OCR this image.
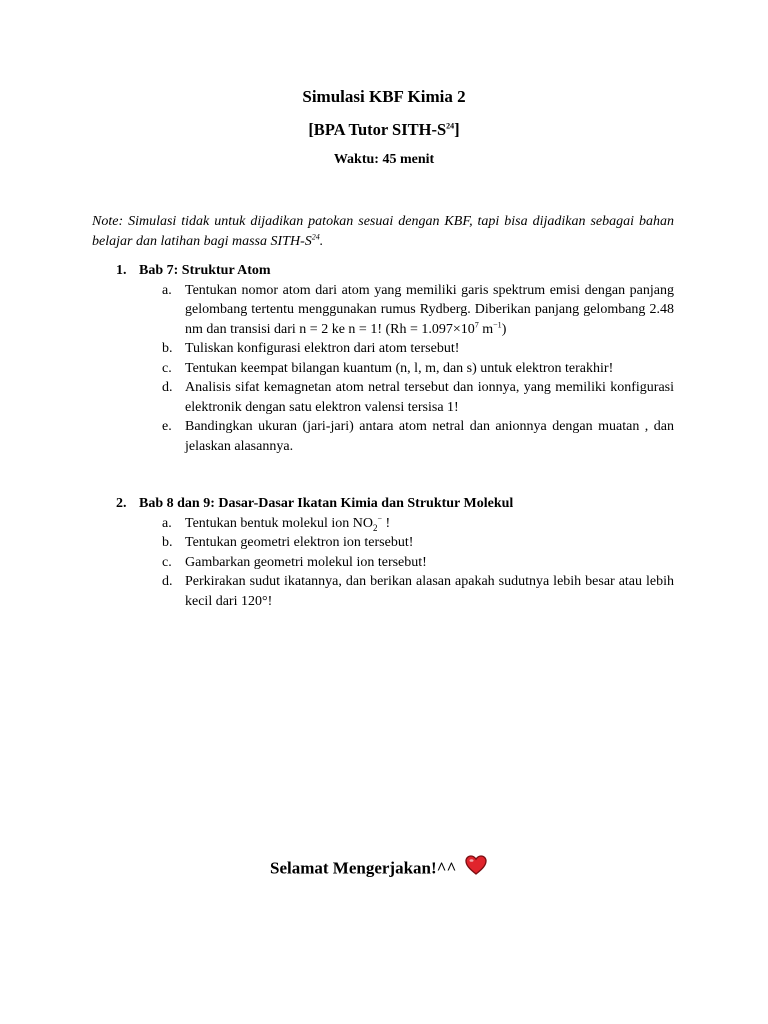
Simulasi KBF Kimia 2
[BPA Tutor SITH-$S^{24}$]
Waktu: 45 menit
Note: Simulasi tidak untuk dijadikan patokan sesuai dengan KBF, tapi bisa dijadikan sebagai bahan belajar dan latihan bagi massa SITH-$S^{24}$.
1. Bab 7: Struktur Atom
a. Tentukan nomor atom dari atom yang memiliki garis spektrum emisi dengan panjang gelombang tertentu menggunakan rumus Rydberg. Diberikan panjang gelombang 2.48 nm dan transisi dari n = 2 ke n = 1! ($Rh = 1.097\times 10^7$ $m^{-1}$)
b. Tuliskan konfigurasi elektron dari atom tersebut!
c. Tentukan keempat bilangan kuantum (n, l, m, dan s) untuk elektron terakhir!
d. Analisis sifat kemagnetan atom netral tersebut dan ionnya, yang memiliki konfigurasi elektronik dengan satu elektron valensi tersisa 1!
e. Bandingkan ukuran (jari-jari) antara atom netral dan anionnya dengan muatan , dan jelaskan alasannya.
2. Bab 8 dan 9: Dasar-Dasar Ikatan Kimia dan Struktur Molekul
a. Tentukan bentuk molekul ion $NO_2^-$ !
b. Tentukan geometri elektron ion tersebut!
c. Gambarkan geometri molekul ion tersebut!
d. Perkirakan sudut ikatannya, dan berikan alasan apakah sudutnya lebih besar atau lebih kecil dari 120°!
Selamat Mengerjakan!^^
